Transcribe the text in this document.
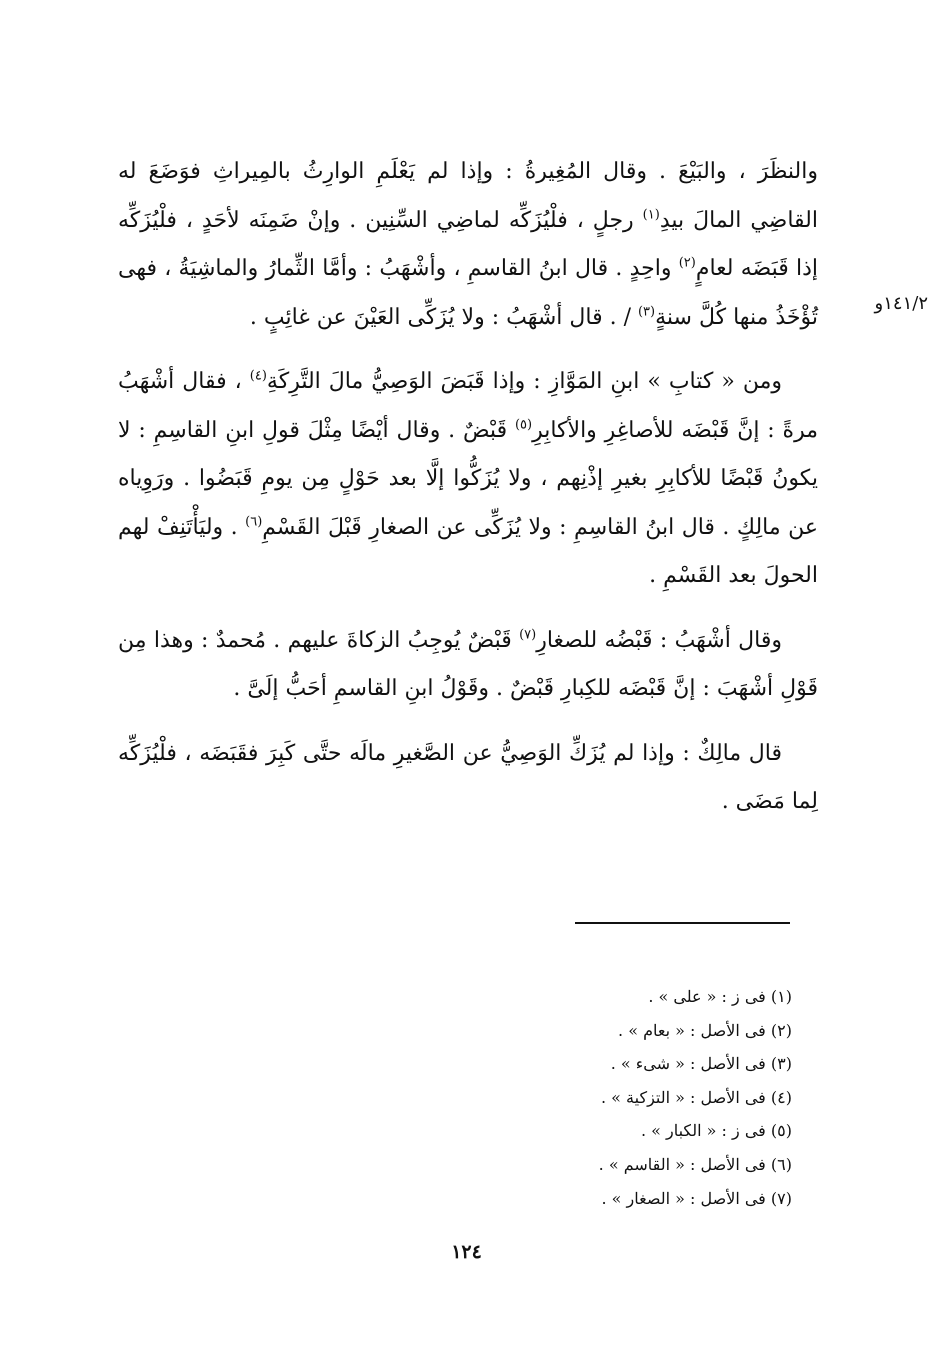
١٤١/٢و

والنظَرَ ، والبَيْعَ . وقال المُغِيرةُ : وإذا لم يَعْلَمِ الوارِثُ بالمِيراثِ فوَضَعَ له القاضِي المالَ بيدِ$^{(١)}$ رجلٍ ، فلْيُزَكِّه لماضِي السِّنِين . وإنْ ضَمِنَه لأحَدٍ ، فلْيُزَكِّه إذا قَبَضَه لعامٍ$^{(٢)}$ واحِدٍ . قال ابنُ القاسمِ ، وأشْهَبُ : وأمَّا الثِّمارُ والماشِيَةُ ، فهى تُؤْخَذُ منها كُلَّ سنةٍ$^{(٣)}$ / . قال أشْهَبُ : ولا يُزَكِّى العَيْنَ عن غائِبٍ .

ومن « كتابِ » ابنِ المَوَّازِ : وإذا قَبَضَ الوَصِيُّ مالَ التَّرِكَةِ$^{(٤)}$ ، فقال أشْهَبُ مرةً : إنَّ قَبْضَه للأصاغِرِ والأكابِرِ$^{(٥)}$ قَبْضٌ . وقال أيْضًا مِثْلَ قولِ ابنِ القاسِمِ : لا يكونُ قَبْضًا للأكابِرِ بغيرِ إذْنِهم ، ولا يُزَكُّوا إلَّا بعد حَوْلٍ مِن يومِ قَبَضُوا . ورَوِياه عن مالِكٍ . قال ابنُ القاسِمِ : ولا يُزَكِّى عن الصغارِ قَبْلَ القَسْمِ$^{(٦)}$ . وليَأْتَنِفْ لهم الحولَ بعد القَسْمِ .

وقال أشْهَبُ : قَبْضُه للصغارِ$^{(٧)}$ قَبْضٌ يُوجِبُ الزكاةَ عليهم . مُحمدٌ : وهذا مِن قَوْلِ أشْهَبَ : إنَّ قَبْضَه للكِبارِ قَبْضٌ . وقَوْلُ ابنِ القاسمِ أحَبُّ إلَىَّ .

قال مالِكٌ : وإذا لم يُزَكِّ الوَصِيُّ عن الصَّغيرِ مالَه حتَّى كَبِرَ فقَبَضَه ، فلْيُزَكِّه لِما مَضَى .

(١) فى ز : « على » .
(٢) فى الأصل : « بعام » .
(٣) فى الأصل : « شىء » .
(٤) فى الأصل : « التزكية » .
(٥) فى ز : « الكبار » .
(٦) فى الأصل : « القاسم » .
(٧) فى الأصل : « الصغار » .
١٢٤
